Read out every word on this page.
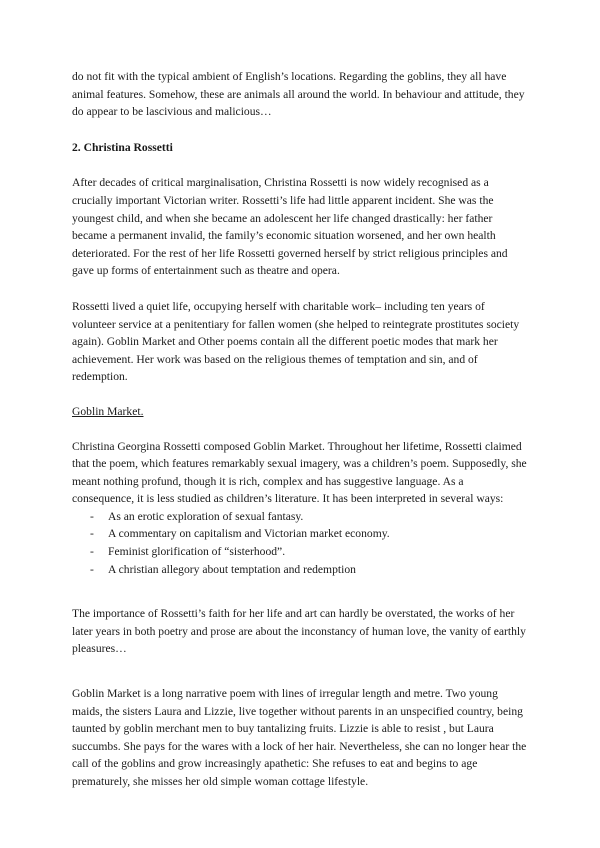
do not fit with the typical ambient of English’s locations. Regarding the goblins, they all have animal features. Somehow, these are animals all around the world. In behaviour and attitude, they do appear to be lascivious and malicious…

2. Christina Rossetti

After decades of critical marginalisation, Christina Rossetti is now widely recognised as a crucially important Victorian writer. Rossetti’s life had little apparent incident. She was the youngest child, and when she became an adolescent her life changed drastically: her father became a permanent invalid, the family’s economic situation worsened, and her own health deteriorated. For the rest of her life Rossetti governed herself by strict religious principles and gave up forms of entertainment such as theatre and opera.

Rossetti lived a quiet life, occupying herself with charitable work– including ten years of volunteer service at a penitentiary for fallen women (she helped to reintegrate prostitutes society again). Goblin Market and Other poems contain all the different poetic modes that mark her achievement. Her work was based on the religious themes of temptation and sin, and of redemption.

Goblin Market.

Christina Georgina Rossetti composed Goblin Market. Throughout her lifetime, Rossetti claimed that the poem, which features remarkably sexual imagery, was a children’s poem. Supposedly, she meant nothing profund, though it is rich, complex and has suggestive language. As a consequence, it is less studied as children’s literature. It has been interpreted in several ways:

- As an erotic exploration of sexual fantasy.
- A commentary on capitalism and Victorian market economy.
- Feminist glorification of “sisterhood”.
- A christian allegory about temptation and redemption

The importance of Rossetti’s faith for her life and art can hardly be overstated, the works of her later years in both poetry and prose are about the inconstancy of human love, the vanity of earthly pleasures…

Goblin Market is a long narrative poem with lines of irregular length and metre. Two young maids, the sisters Laura and Lizzie, live together without parents in an unspecified country, being taunted by goblin merchant men to buy tantalizing fruits. Lizzie is able to resist , but Laura succumbs. She pays for the wares with a lock of her hair. Nevertheless, she can no longer hear the call of the goblins and grow increasingly apathetic: She refuses to eat and begins to age prematurely, she misses her old simple woman cottage lifestyle.
